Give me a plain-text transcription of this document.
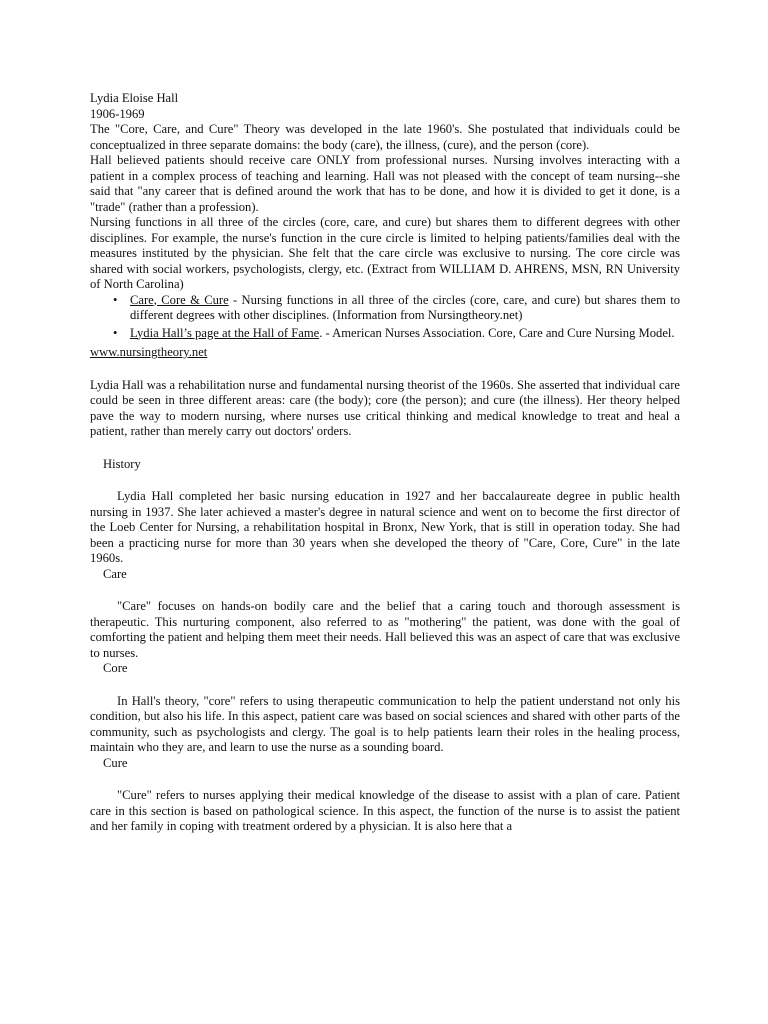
Lydia Eloise Hall

1906-1969

The "Core, Care, and Cure" Theory was developed in the late 1960's. She postulated that individuals could be conceptualized in three separate domains: the body (care), the illness, (cure), and the person (core).

Hall believed patients should receive care ONLY from professional nurses. Nursing involves interacting with a patient in a complex process of teaching and learning. Hall was not pleased with the concept of team nursing--she said that "any career that is defined around the work that has to be done, and how it is divided to get it done, is a "trade" (rather than a profession).

Nursing functions in all three of the circles (core, care, and cure) but shares them to different degrees with other disciplines. For example, the nurse's function in the cure circle is limited to helping patients/families deal with the measures instituted by the physician. She felt that the care circle was exclusive to nursing. The core circle was shared with social workers, psychologists, clergy, etc. (Extract from WILLIAM D. AHRENS, MSN, RN University of North Carolina)

• Care, Core & Cure - Nursing functions in all three of the circles (core, care, and cure) but shares them to different degrees with other disciplines. (Information from Nursingtheory.net)
• Lydia Hall’s page at the Hall of Fame. - American Nurses Association. Core, Care and Cure Nursing Model.

www.nursingtheory.net

Lydia Hall was a rehabilitation nurse and fundamental nursing theorist of the 1960s. She asserted that individual care could be seen in three different areas: care (the body); core (the person); and cure (the illness). Her theory helped pave the way to modern nursing, where nurses use critical thinking and medical knowledge to treat and heal a patient, rather than merely carry out doctors' orders.

History

Lydia Hall completed her basic nursing education in 1927 and her baccalaureate degree in public health nursing in 1937. She later achieved a master's degree in natural science and went on to become the first director of the Loeb Center for Nursing, a rehabilitation hospital in Bronx, New York, that is still in operation today. She had been a practicing nurse for more than 30 years when she developed the theory of "Care, Core, Cure" in the late 1960s.

Care

"Care" focuses on hands-on bodily care and the belief that a caring touch and thorough assessment is therapeutic. This nurturing component, also referred to as "mothering" the patient, was done with the goal of comforting the patient and helping them meet their needs. Hall believed this was an aspect of care that was exclusive to nurses.

Core

In Hall's theory, "core" refers to using therapeutic communication to help the patient understand not only his condition, but also his life. In this aspect, patient care was based on social sciences and shared with other parts of the community, such as psychologists and clergy. The goal is to help patients learn their roles in the healing process, maintain who they are, and learn to use the nurse as a sounding board.

Cure

"Cure" refers to nurses applying their medical knowledge of the disease to assist with a plan of care. Patient care in this section is based on pathological science. In this aspect, the function of the nurse is to assist the patient and her family in coping with treatment ordered by a physician. It is also here that a
